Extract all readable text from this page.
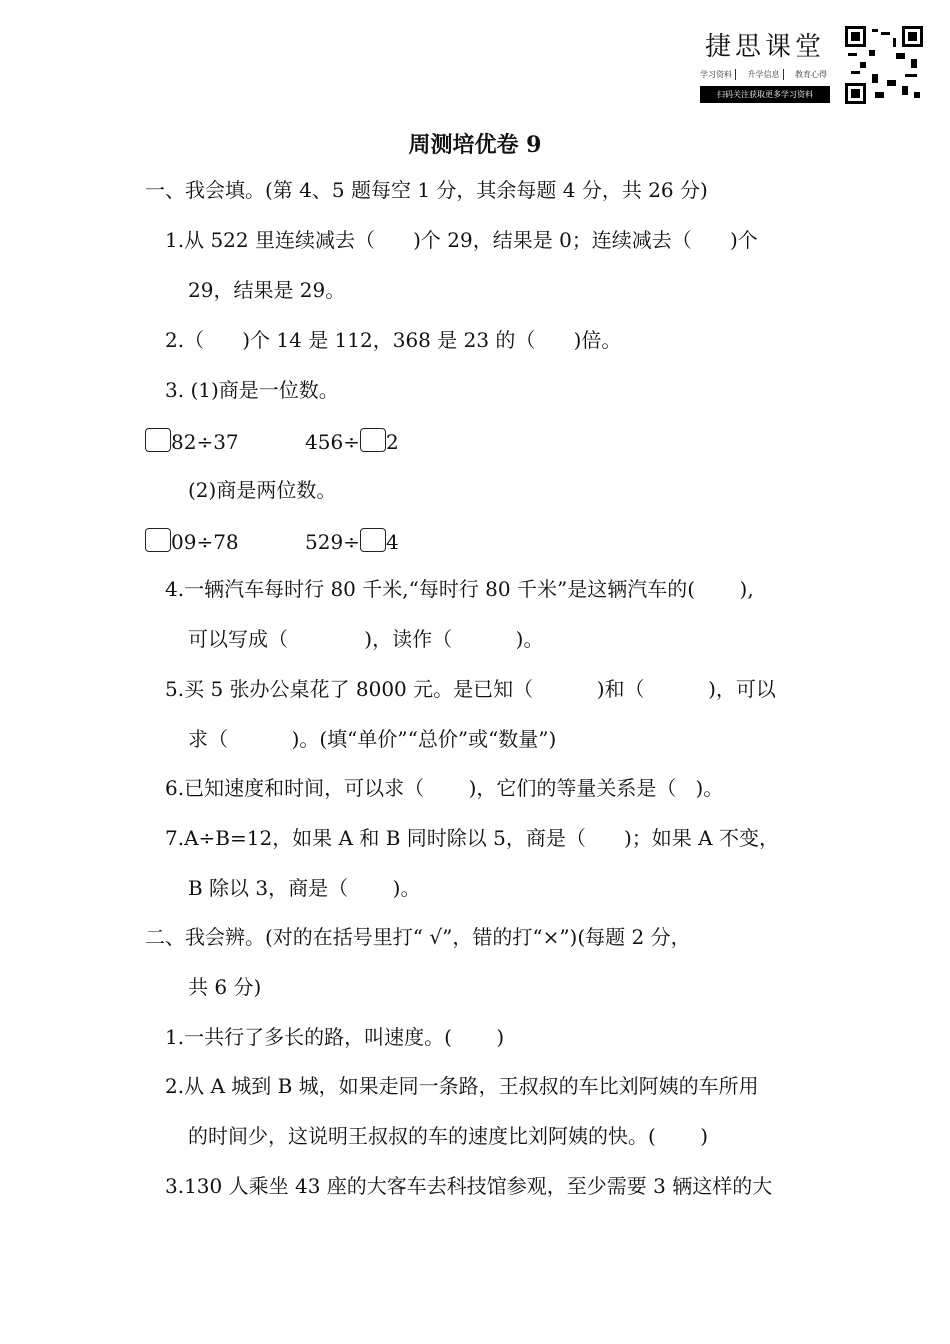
捷思课堂
学习资料	升学信息	教育心得
扫码关注获取更多学习资料
周测培优卷 9
一、我会填。(第 4、5 题每空 1 分，其余每题 4 分，共 26 分)
1.从 522 里连续减去（      )个 29，结果是 0；连续减去（      )个
29，结果是 29。
2.（      )个 14 是 112，368 是 23 的（      )倍。
3. (1)商是一位数。
82÷37	456÷ 2
(2)商是两位数。
09÷78	529÷ 4
4.一辆汽车每时行 80 千米,“每时行 80 千米”是这辆汽车的(       ),
可以写成（            )，读作（          )。
5.买 5 张办公桌花了 8000 元。是已知（          )和（          )，可以
求（          )。(填“单价”“总价”或“数量”)
6.已知速度和时间，可以求（       )，它们的等量关系是（   )。
7.A÷B=12，如果 A 和 B 同时除以 5，商是（      )；如果 A 不变，
B 除以 3，商是（       )。
二、我会辨。(对的在括号里打“ √”，错的打“×”)(每题 2 分，
共 6 分)
1.一共行了多长的路，叫速度。(       )
2.从 A 城到 B 城，如果走同一条路，王叔叔的车比刘阿姨的车所用
的时间少，这说明王叔叔的车的速度比刘阿姨的快。(       )
3.130 人乘坐 43 座的大客车去科技馆参观，至少需要 3 辆这样的大
